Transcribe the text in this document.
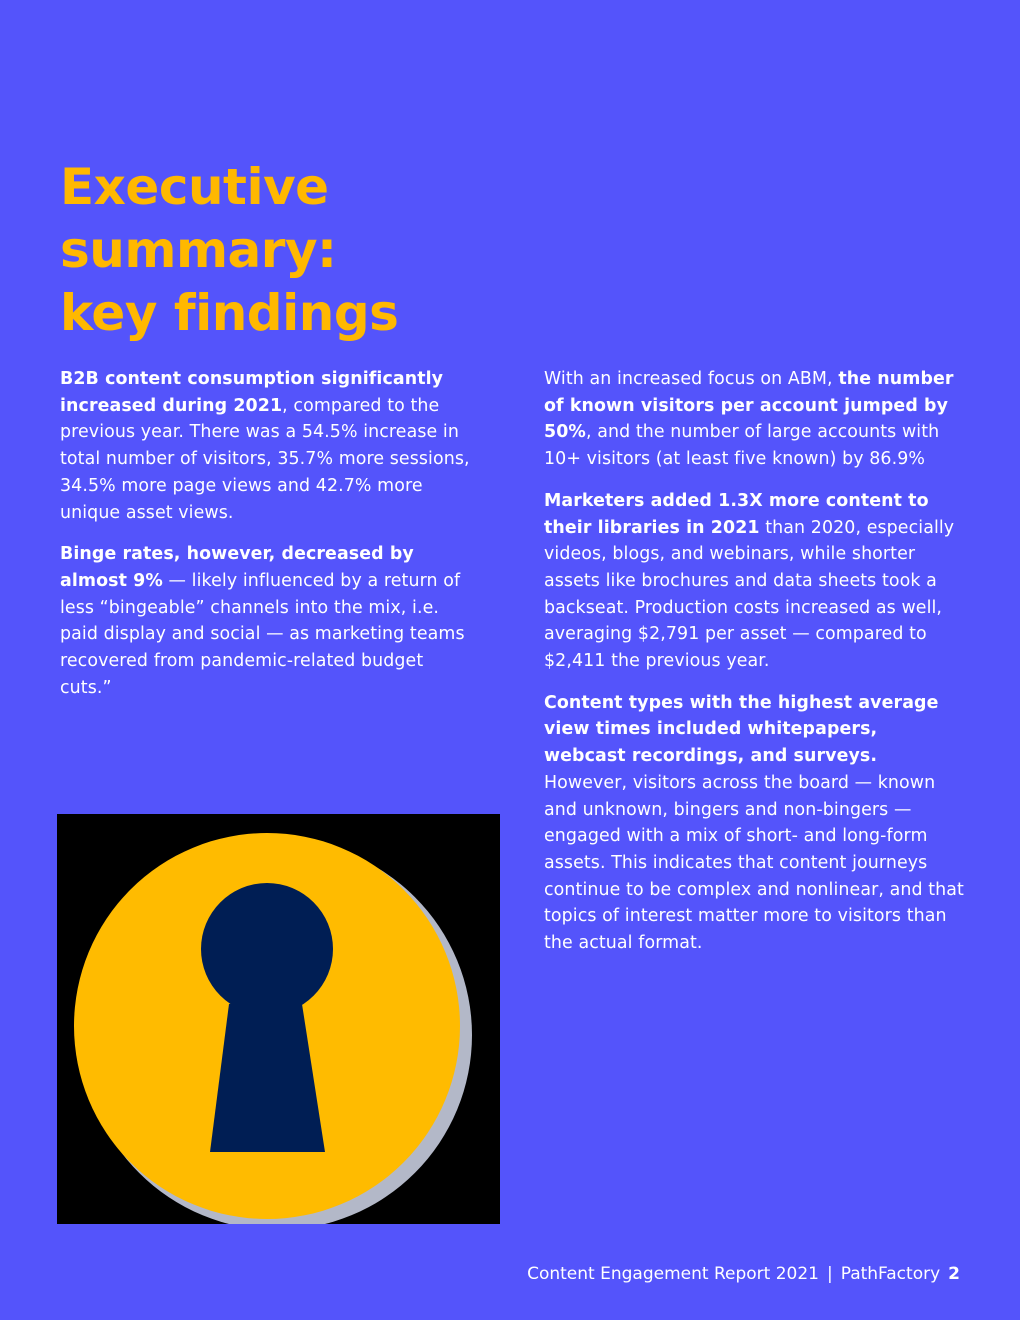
Executive
summary:
key findings

B2B content consumption significantly increased during 2021, compared to the previous year. There was a 54.5% increase in total number of visitors, 35.7% more sessions, 34.5% more page views and 42.7% more unique asset views.

Binge rates, however, decreased by almost 9% — likely influenced by a return of less “bingeable” channels into the mix, i.e. paid display and social — as marketing teams recovered from pandemic-related budget cuts.”

With an increased focus on ABM, the number of known visitors per account jumped by 50%, and the number of large accounts with 10+ visitors (at least five known) by 86.9%

Marketers added 1.3X more content to their libraries in 2021 than 2020, especially videos, blogs, and webinars, while shorter assets like brochures and data sheets took a backseat. Production costs increased as well, averaging $2,791 per asset — compared to $2,411 the previous year.

Content types with the highest average view times included whitepapers, webcast recordings, and surveys. However, visitors across the board — known and unknown, bingers and non-bingers — engaged with a mix of short- and long-form assets. This indicates that content journeys continue to be complex and nonlinear, and that topics of interest matter more to visitors than the actual format.

Content Engagement Report 2021 | PathFactory 2
